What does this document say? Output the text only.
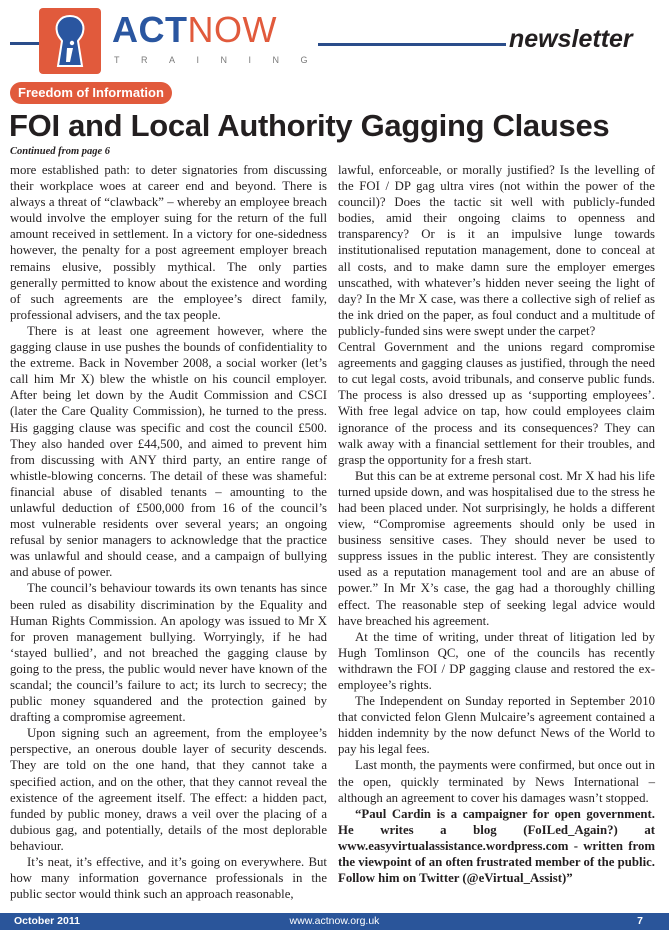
ACTNOW
TRAINING
newsletter
Freedom of Information
FOI and Local Authority Gagging Clauses
Continued from page 6

more established path: to deter signatories from discussing their workplace woes at career end and beyond. There is always a threat of “clawback” – whereby an employee breach would involve the employer suing for the return of the full amount received in settlement. In a victory for one-sidedness however, the penalty for a post agreement employer breach remains elusive, possibly mythical. The only parties generally permitted to know about the existence and wording of such agreements are the employee’s direct family, professional advisers, and the tax people.

There is at least one agreement however, where the gagging clause in use pushes the bounds of confidentiality to the extreme. Back in November 2008, a social worker (let’s call him Mr X) blew the whistle on his council employer. After being let down by the Audit Commission and CSCI (later the Care Quality Commission), he turned to the press. His gagging clause was specific and cost the council £500. They also handed over £44,500, and aimed to prevent him from discussing with ANY third party, an entire range of whistle-blowing concerns. The detail of these was shameful: financial abuse of disabled tenants – amounting to the unlawful deduction of £500,000 from 16 of the council’s most vulnerable residents over several years; an ongoing refusal by senior managers to acknowledge that the practice was unlawful and should cease, and a campaign of bullying and abuse of power.

The council’s behaviour towards its own tenants has since been ruled as disability discrimination by the Equality and Human Rights Commission. An apology was issued to Mr X for proven management bullying. Worryingly, if he had ‘stayed bullied’, and not breached the gagging clause by going to the press, the public would never have known of the scandal; the council’s failure to act; its lurch to secrecy; the public money squandered and the protection gained by drafting a compromise agreement.

Upon signing such an agreement, from the employee’s perspective, an onerous double layer of security descends. They are told on the one hand, that they cannot take a specified action, and on the other, that they cannot reveal the existence of the agreement itself. The effect: a hidden pact, funded by public money, draws a veil over the placing of a dubious gag, and potentially, details of the most deplorable behaviour.

It’s neat, it’s effective, and it’s going on everywhere. But how many information governance professionals in the public sector would think such an approach reasonable,

lawful, enforceable, or morally justified? Is the levelling of the FOI / DP gag ultra vires (not within the power of the council)? Does the tactic sit well with publicly-funded bodies, amid their ongoing claims to openness and transparency? Or is it an impulsive lunge towards institutionalised reputation management, done to conceal at all costs, and to make damn sure the employer emerges unscathed, with whatever’s hidden never seeing the light of day? In the Mr X case, was there a collective sigh of relief as the ink dried on the paper, as foul conduct and a multitude of publicly-funded sins were swept under the carpet?

Central Government and the unions regard compromise agreements and gagging clauses as justified, through the need to cut legal costs, avoid tribunals, and conserve public funds. The process is also dressed up as ‘supporting employees’. With free legal advice on tap, how could employees claim ignorance of the process and its consequences? They can walk away with a financial settlement for their troubles, and grasp the opportunity for a fresh start.

But this can be at extreme personal cost. Mr X had his life turned upside down, and was hospitalised due to the stress he had been placed under. Not surprisingly, he holds a different view, “Compromise agreements should only be used in business sensitive cases. They should never be used to suppress issues in the public interest. They are consistently used as a reputation management tool and are an abuse of power.” In Mr X’s case, the gag had a thoroughly chilling effect. The reasonable step of seeking legal advice would have breached his agreement.

At the time of writing, under threat of litigation led by Hugh Tomlinson QC, one of the councils has recently withdrawn the FOI / DP gagging clause and restored the ex-employee’s rights.

The Independent on Sunday reported in September 2010 that convicted felon Glenn Mulcaire’s agreement contained a hidden indemnity by the now defunct News of the World to pay his legal fees.

Last month, the payments were confirmed, but once out in the open, quickly terminated by News International – although an agreement to cover his damages wasn’t stopped.

“Paul Cardin is a campaigner for open government. He writes a blog (FoILed_Again?) at www.easyvirtualassistance.wordpress.com - written from the viewpoint of an often frustrated member of the public. Follow him on Twitter (@eVirtual_Assist)”

October 2011	www.actnow.org.uk	7
